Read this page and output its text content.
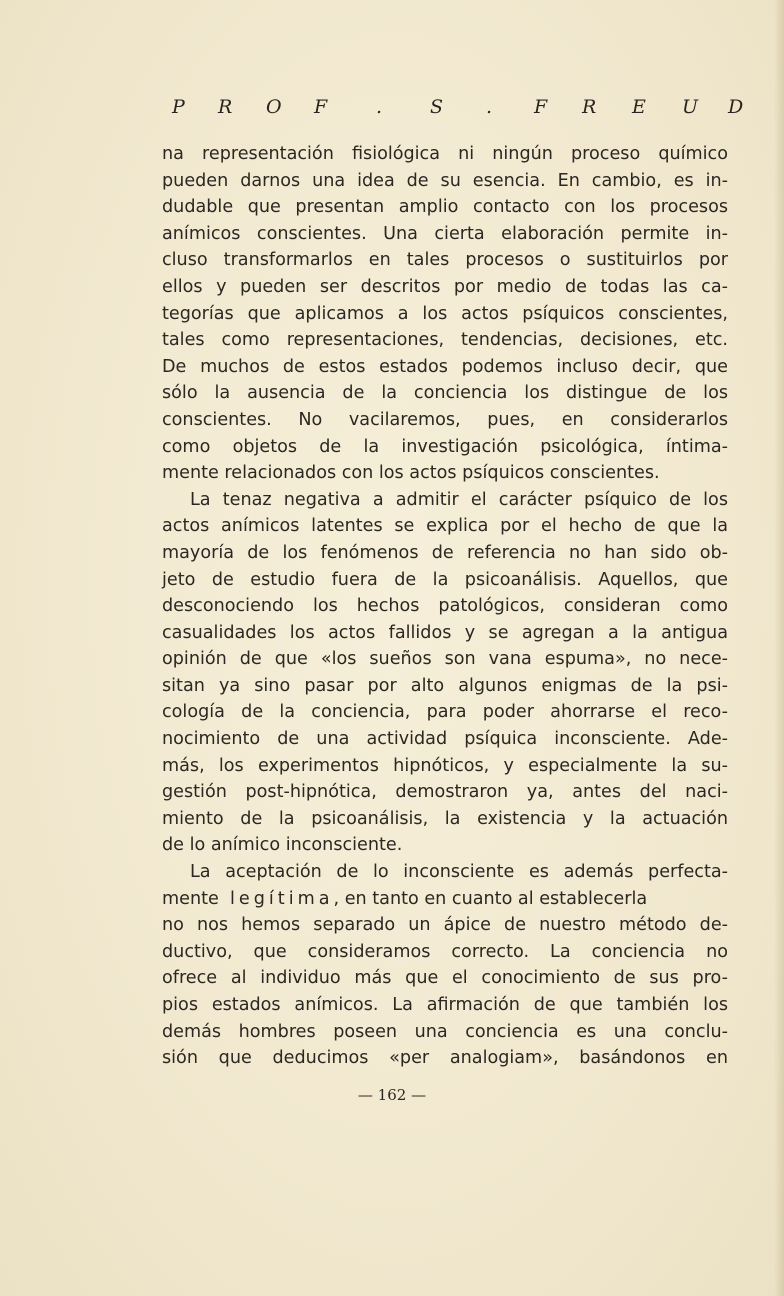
P R O F	.	S . F R E U D
na representación fisiológica ni ningún proceso químico
pueden darnos una idea de su esencia. En cambio, es in-
dudable que presentan amplio contacto con los procesos
anímicos conscientes. Una cierta elaboración permite in-
cluso transformarlos en tales procesos o sustituirlos por
ellos y pueden ser descritos por medio de todas las ca-
tegorías que aplicamos a los actos psíquicos conscientes,
tales como representaciones, tendencias, decisiones, etc.
De muchos de estos estados podemos incluso decir, que
sólo la ausencia de la conciencia los distingue de los
conscientes. No vacilaremos, pues, en considerarlos
como objetos de la investigación psicológica, íntima-
mente relacionados con los actos psíquicos conscientes.
La tenaz negativa a admitir el carácter psíquico de los
actos anímicos latentes se explica por el hecho de que la
mayoría de los fenómenos de referencia no han sido ob-
jeto de estudio fuera de la psicoanálisis. Aquellos, que
desconociendo los hechos patológicos, consideran como
casualidades los actos fallidos y se agregan a la antigua
opinión de que «los sueños son vana espuma», no nece-
sitan ya sino pasar por alto algunos enigmas de la psi-
cología de la conciencia, para poder ahorrarse el reco-
nocimiento de una actividad psíquica inconsciente. Ade-
más, los experimentos hipnóticos, y especialmente la su-
gestión post-hipnótica, demostraron ya, antes del naci-
miento de la psicoanálisis, la existencia y la actuación
de lo anímico inconsciente.
La aceptación de lo inconsciente es además perfecta-
mente legítima, en tanto en cuanto al establecerla
no nos hemos separado un ápice de nuestro método de-
ductivo, que consideramos correcto. La conciencia no
ofrece al individuo más que el conocimiento de sus pro-
pios estados anímicos. La afirmación de que también los
demás hombres poseen una conciencia es una conclu-
sión que deducimos «per analogiam», basándonos en
— 162 —
